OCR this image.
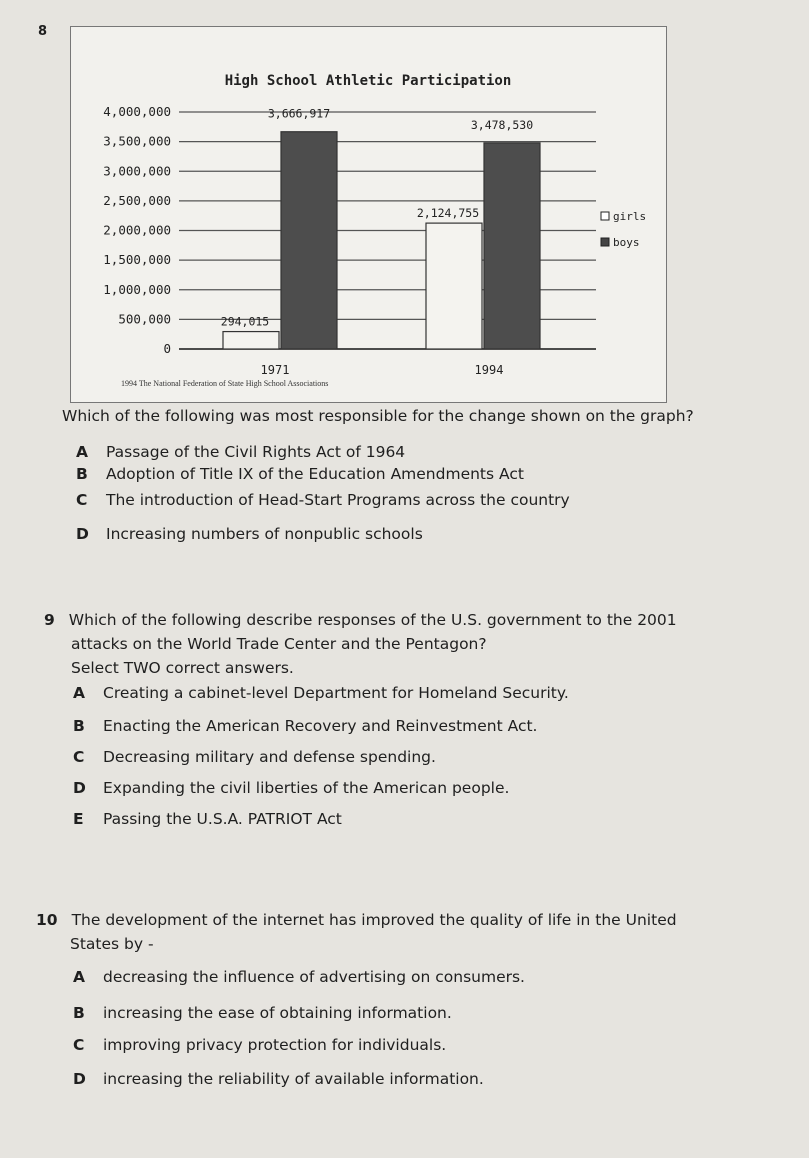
8
High School Athletic Participation
0
500,000
1,000,000
1,500,000
2,000,000
2,500,000
3,000,000
3,500,000
4,000,000
294,015
3,666,917
1971
2,124,755
3,478,530
1994
girls
boys
1994 The National Federation of State High School Associations
Which of the following was most responsible for the change shown on the graph?
A Passage of the Civil Rights Act of 1964
B Adoption of Title IX of the Education Amendments Act
C The introduction of Head-Start Programs across the country
D Increasing numbers of nonpublic schools
9 Which of the following describe responses of the U.S. government to the 2001
attacks on the World Trade Center and the Pentagon?
Select TWO correct answers.
A Creating a cabinet-level Department for Homeland Security.
B Enacting the American Recovery and Reinvestment Act.
C Decreasing military and defense spending.
D Expanding the civil liberties of the American people.
E Passing the U.S.A. PATRIOT Act
10 The development of the internet has improved the quality of life in the United
States by -
A decreasing the influence of advertising on consumers.
B increasing the ease of obtaining information.
C improving privacy protection for individuals.
D increasing the reliability of available information.
